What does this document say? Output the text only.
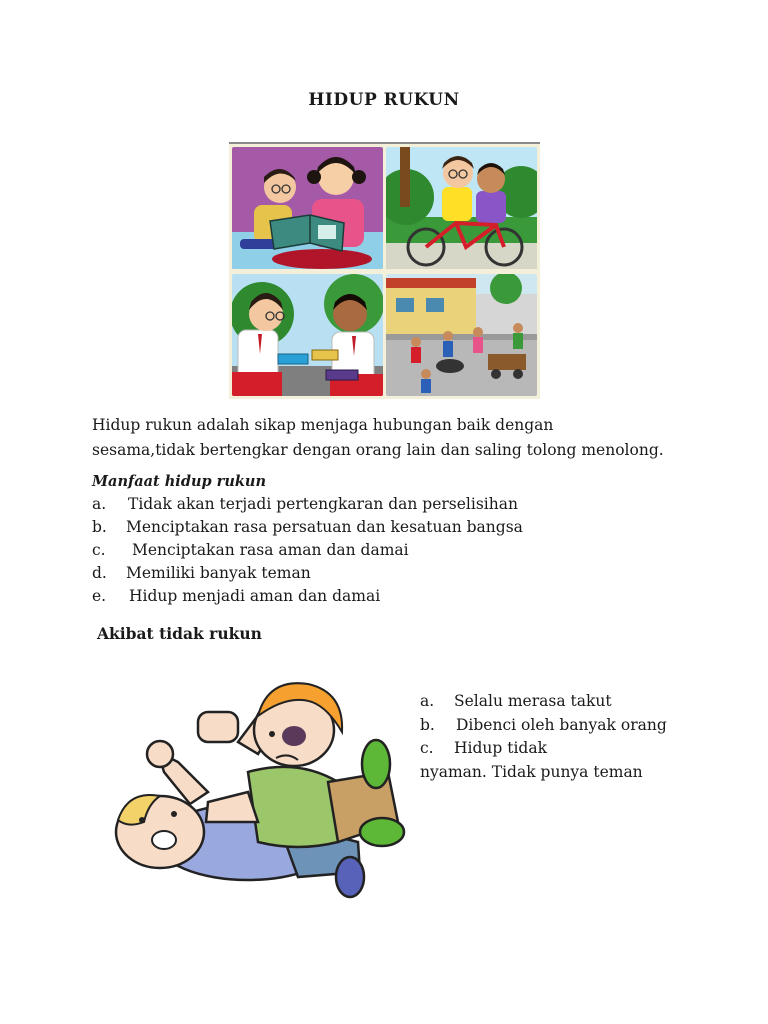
HIDUP RUKUN
Hidup rukun adalah sikap menjaga hubungan baik dengan
sesama,tidak bertengkar dengan orang lain dan saling tolong menolong.
Manfaat hidup rukun
a.	Tidak akan terjadi pertengkaran dan perselisihan
b.	Menciptakan rasa persatuan dan kesatuan bangsa
c.	Menciptakan rasa aman dan damai
d.	Memiliki banyak teman
e.	Hidup menjadi aman dan damai
Akibat tidak rukun
a.	Selalu merasa takut
b.	Dibenci oleh banyak orang
c.	Hidup tidak
nyaman. Tidak punya teman
